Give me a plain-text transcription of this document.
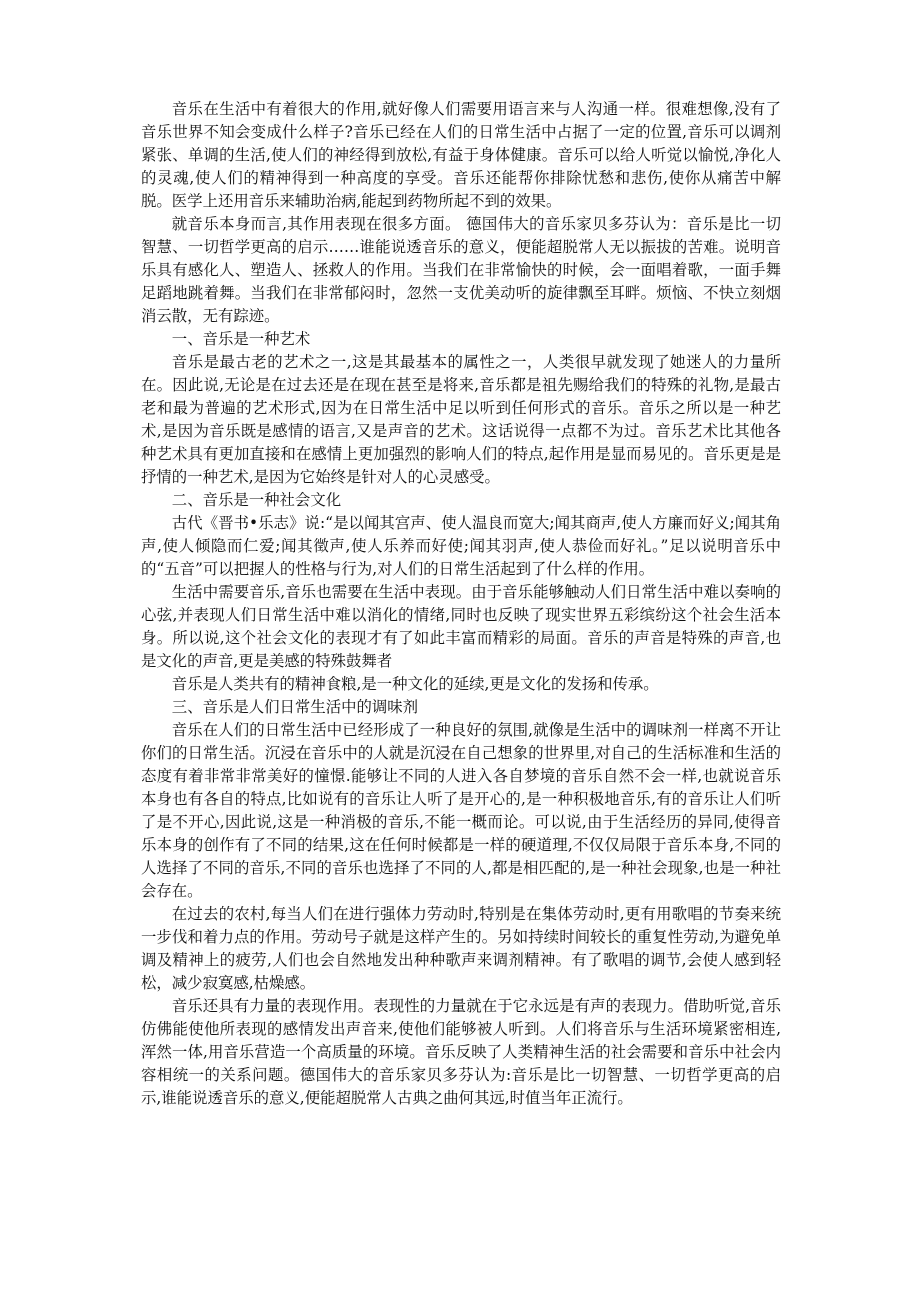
音乐在生活中有着很大的作用,就好像人们需要用语言来与人沟通一样。很难想像,没有了音乐世界不知会变成什么样子?音乐已经在人们的日常生活中占据了一定的位置,音乐可以调剂紧张、单调的生活,使人们的神经得到放松,有益于身体健康。音乐可以给人听觉以愉悦,净化人的灵魂,使人们的精神得到一种高度的享受。音乐还能帮你排除忧愁和悲伤,使你从痛苦中解脱。医学上还用音乐来辅助治病,能起到药物所起不到的效果。

就音乐本身而言,其作用表现在很多方面。 德国伟大的音乐家贝多芬认为：音乐是比一切智慧、一切哲学更高的启示……谁能说透音乐的意义，便能超脱常人无以振拔的苦难。说明音乐具有感化人、塑造人、拯救人的作用。当我们在非常愉快的时候，会一面唱着歌，一面手舞足蹈地跳着舞。当我们在非常郁闷时，忽然一支优美动听的旋律飘至耳畔。烦恼、不快立刻烟消云散，无有踪迹。

一、音乐是一种艺术

音乐是最古老的艺术之一,这是其最基本的属性之一，人类很早就发现了她迷人的力量所在。因此说,无论是在过去还是在现在甚至是将来,音乐都是祖先赐给我们的特殊的礼物,是最古老和最为普遍的艺术形式,因为在日常生活中足以听到任何形式的音乐。音乐之所以是一种艺术,是因为音乐既是感情的语言,又是声音的艺术。这话说得一点都不为过。音乐艺术比其他各种艺术具有更加直接和在感情上更加强烈的影响人们的特点,起作用是显而易见的。音乐更是是抒情的一种艺术,是因为它始终是针对人的心灵感受。

二、音乐是一种社会文化

古代《晋书•乐志》说:“是以闻其宫声、使人温良而宽大;闻其商声,使人方廉而好义;闻其角声,使人倾隐而仁爱;闻其徵声,使人乐养而好使;闻其羽声,使人恭俭而好礼。”足以说明音乐中的“五音”可以把握人的性格与行为,对人们的日常生活起到了什么样的作用。

生活中需要音乐,音乐也需要在生活中表现。由于音乐能够触动人们日常生活中难以奏响的心弦,并表现人们日常生活中难以消化的情绪,同时也反映了现实世界五彩缤纷这个社会生活本身。所以说,这个社会文化的表现才有了如此丰富而精彩的局面。音乐的声音是特殊的声音,也是文化的声音,更是美感的特殊鼓舞者

音乐是人类共有的精神食粮,是一种文化的延续,更是文化的发扬和传承。

三、音乐是人们日常生活中的调味剂

音乐在人们的日常生活中已经形成了一种良好的氛围,就像是生活中的调味剂一样离不开让你们的日常生活。沉浸在音乐中的人就是沉浸在自己想象的世界里,对自己的生活标准和生活的态度有着非常非常美好的憧憬.能够让不同的人进入各自梦境的音乐自然不会一样,也就说音乐本身也有各自的特点,比如说有的音乐让人听了是开心的,是一种积极地音乐,有的音乐让人们听了是不开心,因此说,这是一种消极的音乐,不能一概而论。可以说,由于生活经历的异同,使得音乐本身的创作有了不同的结果,这在任何时候都是一样的硬道理,不仅仅局限于音乐本身,不同的人选择了不同的音乐,不同的音乐也选择了不同的人,都是相匹配的,是一种社会现象,也是一种社会存在。

在过去的农村,每当人们在进行强体力劳动时,特别是在集体劳动时,更有用歌唱的节奏来统一步伐和着力点的作用。劳动号子就是这样产生的。另如持续时间较长的重复性劳动,为避免单调及精神上的疲劳,人们也会自然地发出种种歌声来调剂精神。有了歌唱的调节,会使人感到轻松，减少寂寞感,枯燥感。

音乐还具有力量的表现作用。表现性的力量就在于它永远是有声的表现力。借助听觉,音乐仿佛能使他所表现的感情发出声音来,使他们能够被人听到。人们将音乐与生活环境紧密相连,浑然一体,用音乐营造一个高质量的环境。音乐反映了人类精神生活的社会需要和音乐中社会内容相统一的关系问题。德国伟大的音乐家贝多芬认为:音乐是比一切智慧、一切哲学更高的启示,谁能说透音乐的意义,便能超脱常人古典之曲何其远,时值当年正流行。
